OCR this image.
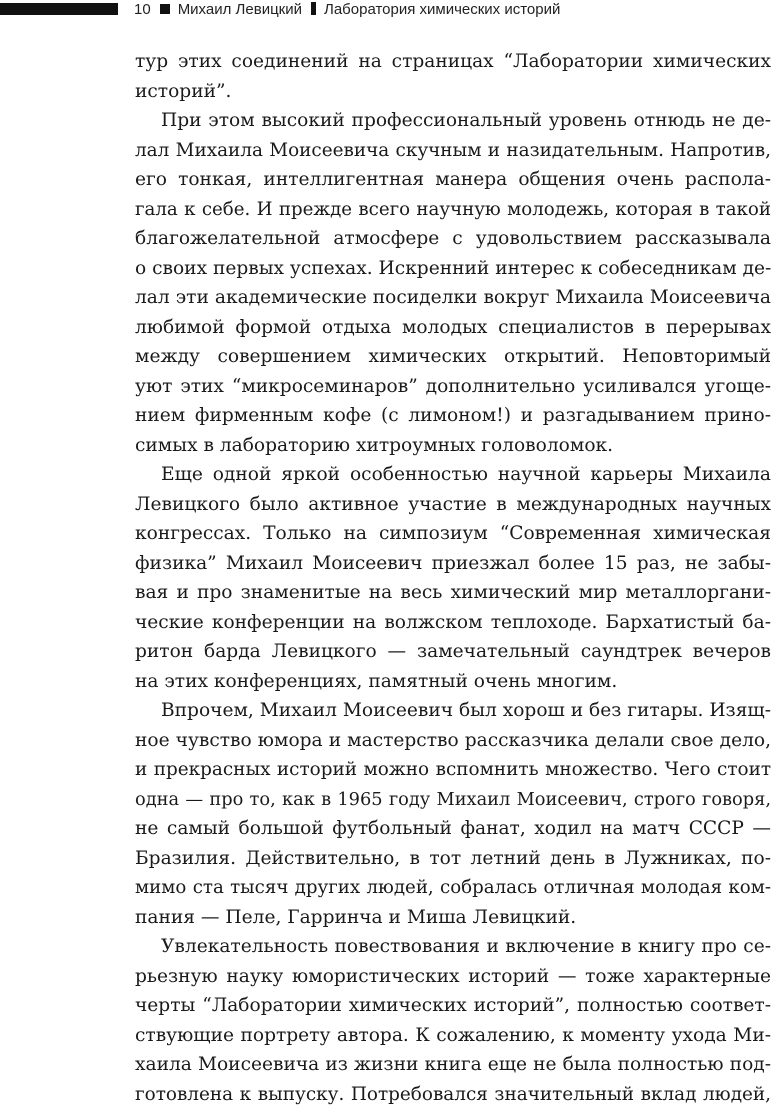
10 Михаил Левицкий Лаборатория химических историй

тур этих соединений на страницах “Лаборатории химических
историй”.

При этом высокий профессиональный уровень отнюдь не де-
лал Михаила Моисеевича скучным и назидательным. Напротив,
его тонкая, интеллигентная манера общения очень распола-
гала к себе. И прежде всего научную молодежь, которая в такой
благожелательной атмосфере с удовольствием рассказывала
о своих первых успехах. Искренний интерес к собеседникам де-
лал эти академические посиделки вокруг Михаила Моисеевича
любимой формой отдыха молодых специалистов в перерывах
между совершением химических открытий. Неповторимый
уют этих “микросеминаров” дополнительно усиливался угоще-
нием фирменным кофе (с лимоном!) и разгадыванием прино-
симых в лабораторию хитроумных головоломок.

Еще одной яркой особенностью научной карьеры Михаила
Левицкого было активное участие в международных научных
конгрессах. Только на симпозиум “Современная химическая
физика” Михаил Моисеевич приезжал более 15 раз, не забы-
вая и про знаменитые на весь химический мир металлоргани-
ческие конференции на волжском теплоходе. Бархатистый ба-
ритон барда Левицкого — замечательный саундтрек вечеров
на этих конференциях, памятный очень многим.

Впрочем, Михаил Моисеевич был хорош и без гитары. Изящ-
ное чувство юмора и мастерство рассказчика делали свое дело,
и прекрасных историй можно вспомнить множество. Чего стоит
одна — про то, как в 1965 году Михаил Моисеевич, строго говоря,
не самый большой футбольный фанат, ходил на матч СССР —
Бразилия. Действительно, в тот летний день в Лужниках, по-
мимо ста тысяч других людей, собралась отличная молодая ком-
пания — Пеле, Гарринча и Миша Левицкий.

Увлекательность повествования и включение в книгу про се-
рьезную науку юмористических историй — тоже характерные
черты “Лаборатории химических историй”, полностью соответ-
ствующие портрету автора. К сожалению, к моменту ухода Ми-
хаила Моисеевича из жизни книга еще не была полностью под-
готовлена к выпуску. Потребовался значительный вклад людей,
